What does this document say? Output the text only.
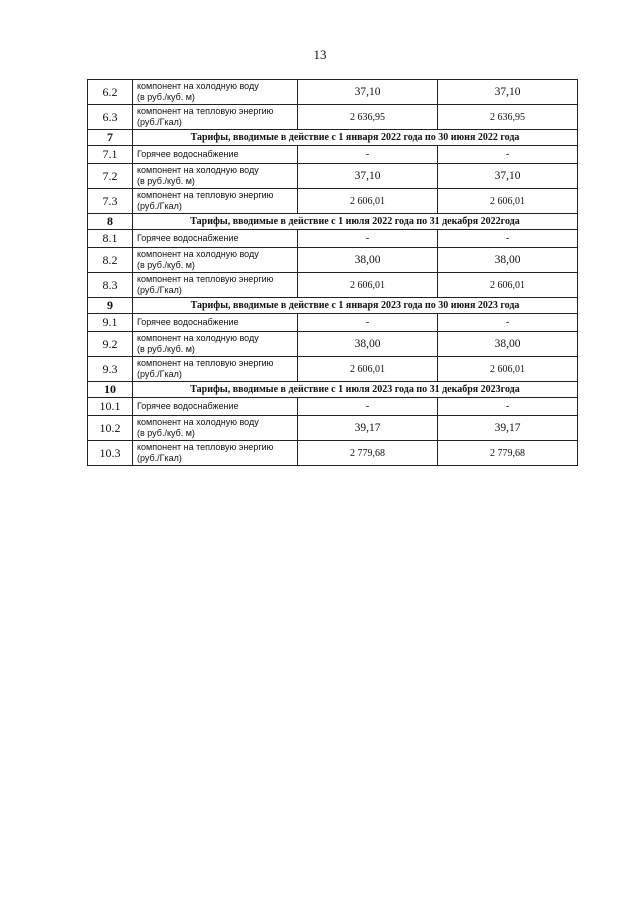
13
6.2	компонент на холодную воду
(в руб./куб. м)	37,10	37,10
6.3	компонент на тепловую энергию
(руб./Гкал)	2 636,95	2 636,95
7	Тарифы, вводимые в действие с 1 января 2022 года по 30 июня 2022 года		
7.1	Горячее водоснабжение	-	-
7.2	компонент на холодную воду
(в руб./куб. м)	37,10	37,10
7.3	компонент на тепловую энергию
(руб./Гкал)	2 606,01	2 606,01
8	Тарифы, вводимые в действие с 1 июля 2022 года по 31 декабря 2022года		
8.1	Горячее водоснабжение	-	-
8.2	компонент на холодную воду
(в руб./куб. м)	38,00	38,00
8.3	компонент на тепловую энергию
(руб./Гкал)	2 606,01	2 606,01
9	Тарифы, вводимые в действие с 1 января 2023 года по 30 июня 2023 года		
9.1	Горячее водоснабжение	-	-
9.2	компонент на холодную воду
(в руб./куб. м)	38,00	38,00
9.3	компонент на тепловую энергию
(руб./Гкал)	2 606,01	2 606,01
10	Тарифы, вводимые в действие с 1 июля 2023 года по 31 декабря 2023года		
10.1	Горячее водоснабжение	-	-
10.2	компонент на холодную воду
(в руб./куб. м)	39,17	39,17
10.3	компонент на тепловую энергию
(руб./Гкал)	2 779,68	2 779,68
